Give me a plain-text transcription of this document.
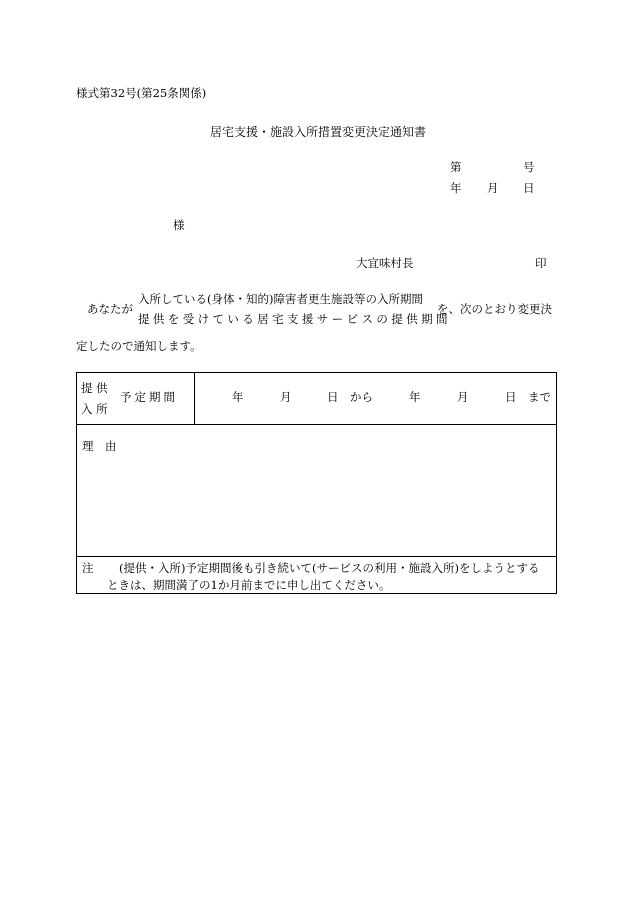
様式第32号(第25条関係)
居宅支援・施設入所措置変更決定通知書
第	号
年 月 日
様
大宜味村長	印
あなたが
入所している(身体・知的)障害者更生施設等の入所期間
提供を受けている居宅支援サービスの提供期間
を、次のとおり変更決
定したので通知します。
提 供
入 所
予定期間	年	月	日 から	年	月	日 まで
理　由
注 (提供・入所)予定期間後も引き続いて(サービスの利用・施設入所)をしようとする
ときは、期間満了の1か月前までに申し出てください。
